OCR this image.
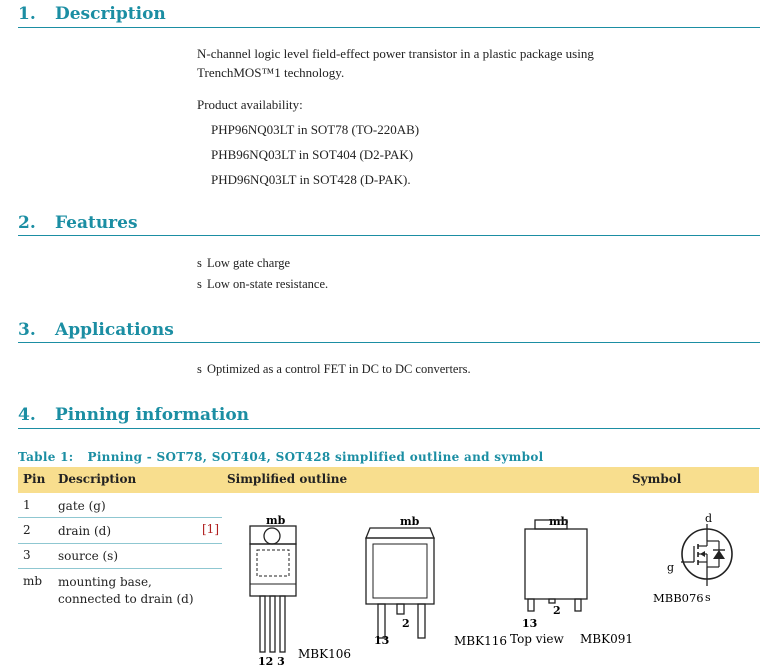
1. Description
N-channel logic level field-effect power transistor in a plastic package using
TrenchMOS™1 technology.
Product availability:
PHP96NQ03LT in SOT78 (TO-220AB)
PHB96NQ03LT in SOT404 (D2-PAK)
PHD96NQ03LT in SOT428 (D-PAK).
2. Features
s Low gate charge
s Low on-state resistance.
3. Applications
s Optimized as a control FET in DC to DC converters.
4. Pinning information
Table 1: Pinning - SOT78, SOT404, SOT428 simplified outline and symbol
Pin Description	Simplified outline	Symbol
1 gate (g)
2 drain (d)	[1]
3 source (s)
mb mounting base,
connected to drain (d)
mb
12 3
MBK106
mb
2
13	MBK116
mb
2
13
Top view MBK091
d
g
MBB076 s
